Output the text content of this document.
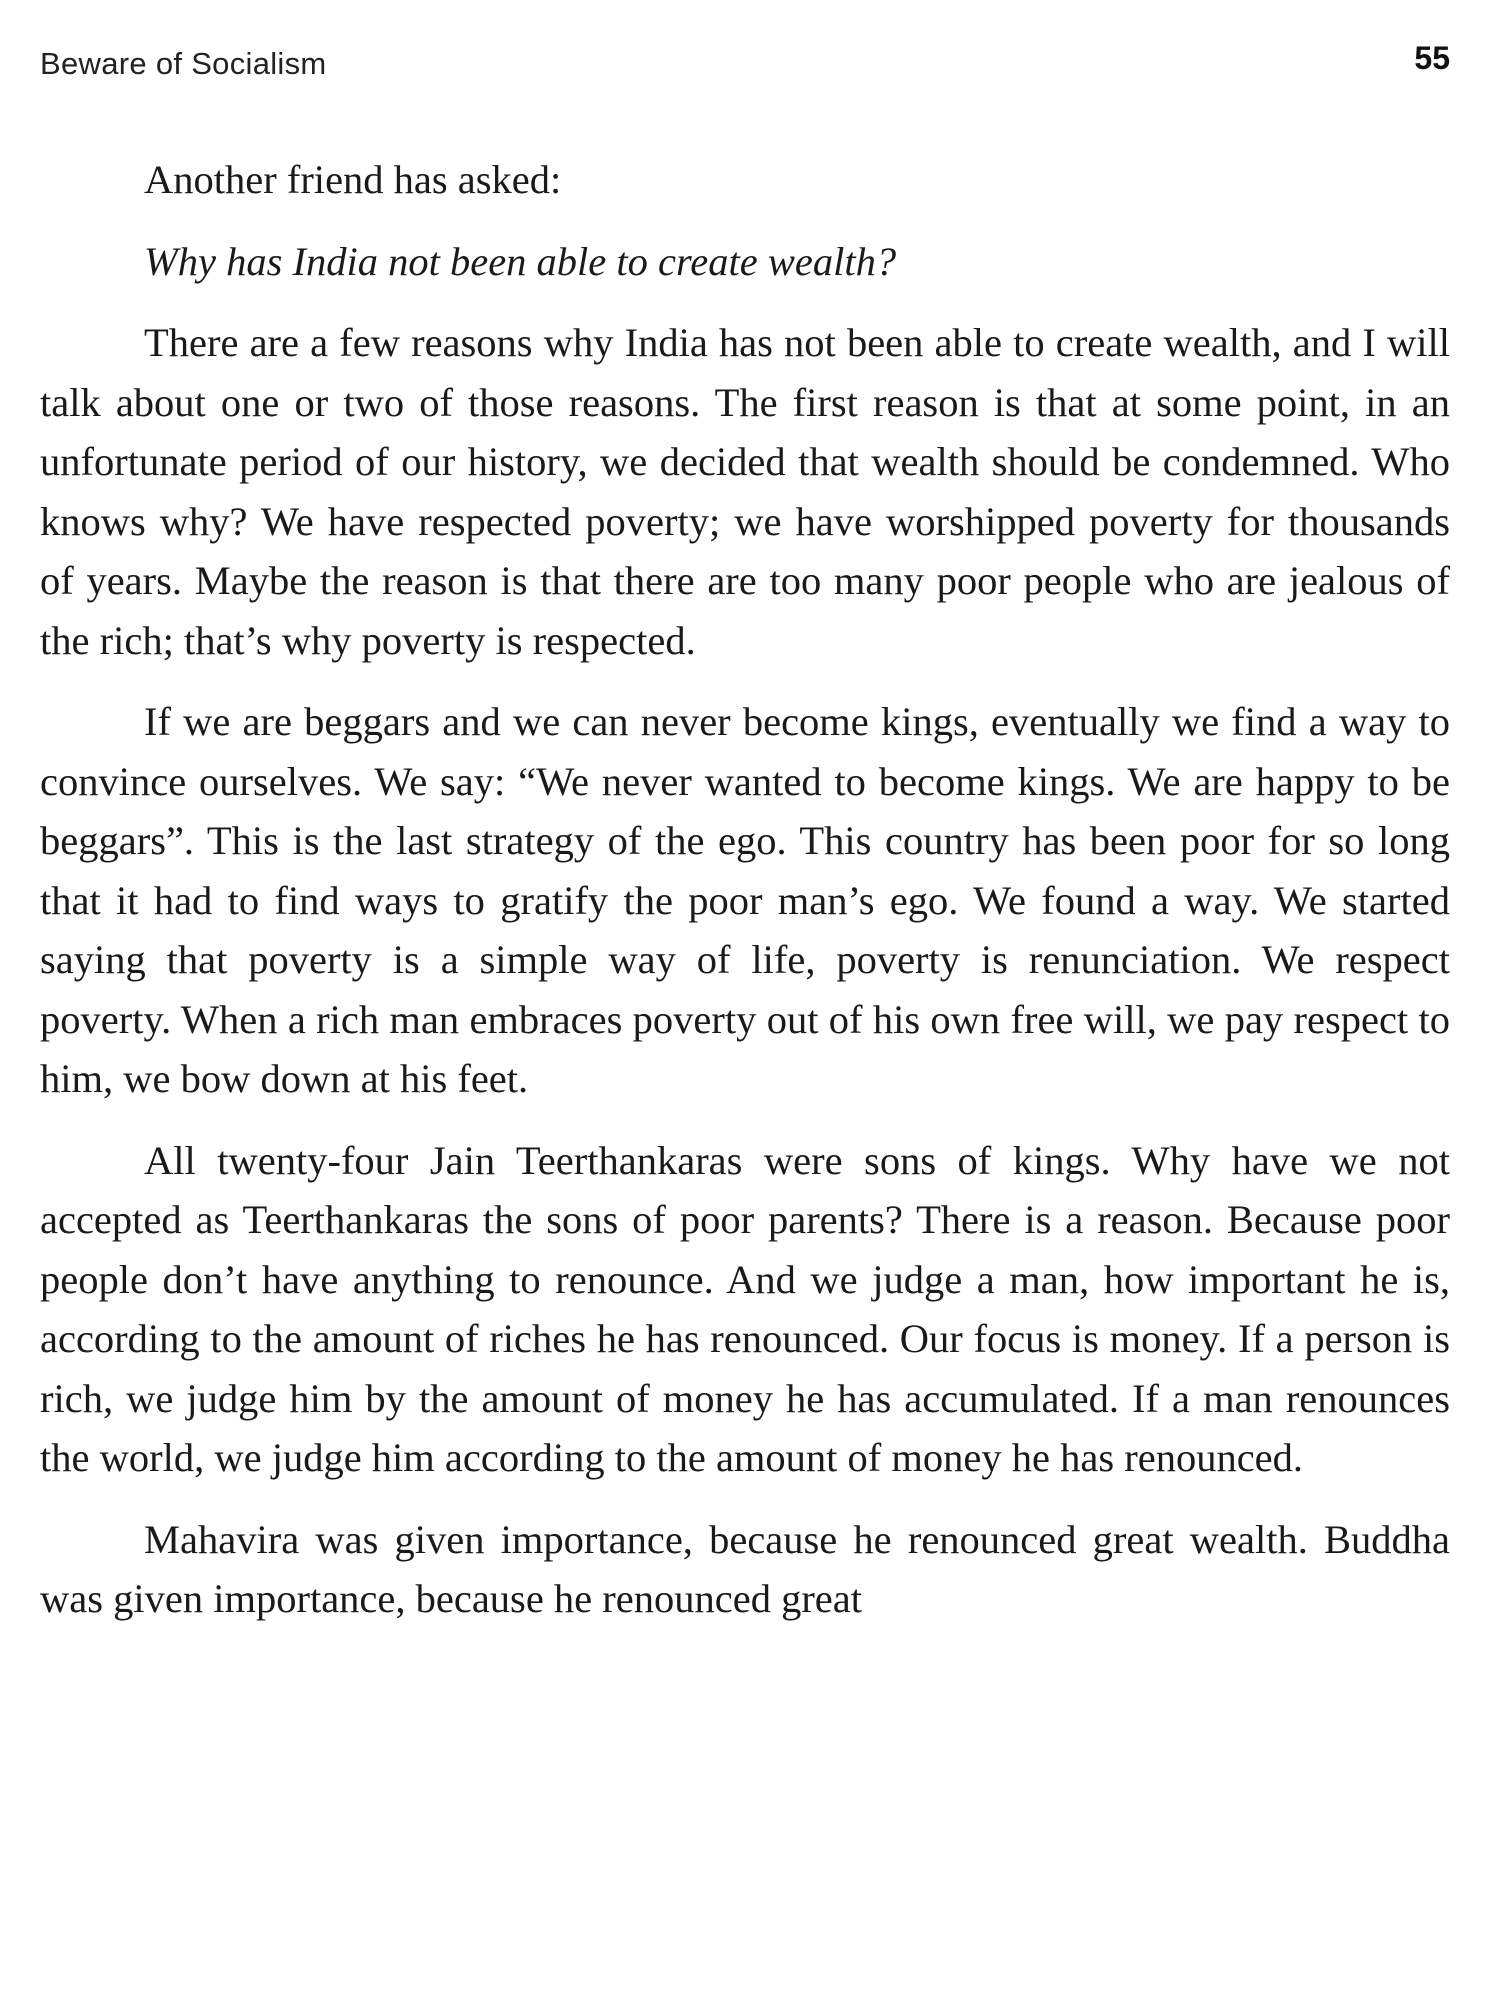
Beware of Socialism	55

Another friend has asked:

Why has India not been able to create wealth?

There are a few reasons why India has not been able to create wealth, and I will talk about one or two of those reasons. The first reason is that at some point, in an unfortunate period of our history, we decided that wealth should be condemned. Who knows why? We have respected poverty; we have worshipped poverty for thousands of years. Maybe the reason is that there are too many poor people who are jealous of the rich; that’s why poverty is respected.

If we are beggars and we can never become kings, eventually we find a way to convince ourselves. We say: “We never wanted to become kings. We are happy to be beggars”. This is the last strategy of the ego. This country has been poor for so long that it had to find ways to gratify the poor man’s ego. We found a way. We started saying that poverty is a simple way of life, poverty is renunciation. We respect poverty. When a rich man embraces poverty out of his own free will, we pay respect to him, we bow down at his feet.

All twenty-four Jain Teerthankaras were sons of kings. Why have we not accepted as Teerthankaras the sons of poor parents? There is a reason. Because poor people don’t have anything to renounce. And we judge a man, how important he is, according to the amount of riches he has renounced. Our focus is money. If a person is rich, we judge him by the amount of money he has accumulated. If a man renounces the world, we judge him according to the amount of money he has renounced.

Mahavira was given importance, because he renounced great wealth. Buddha was given importance, because he renounced great
